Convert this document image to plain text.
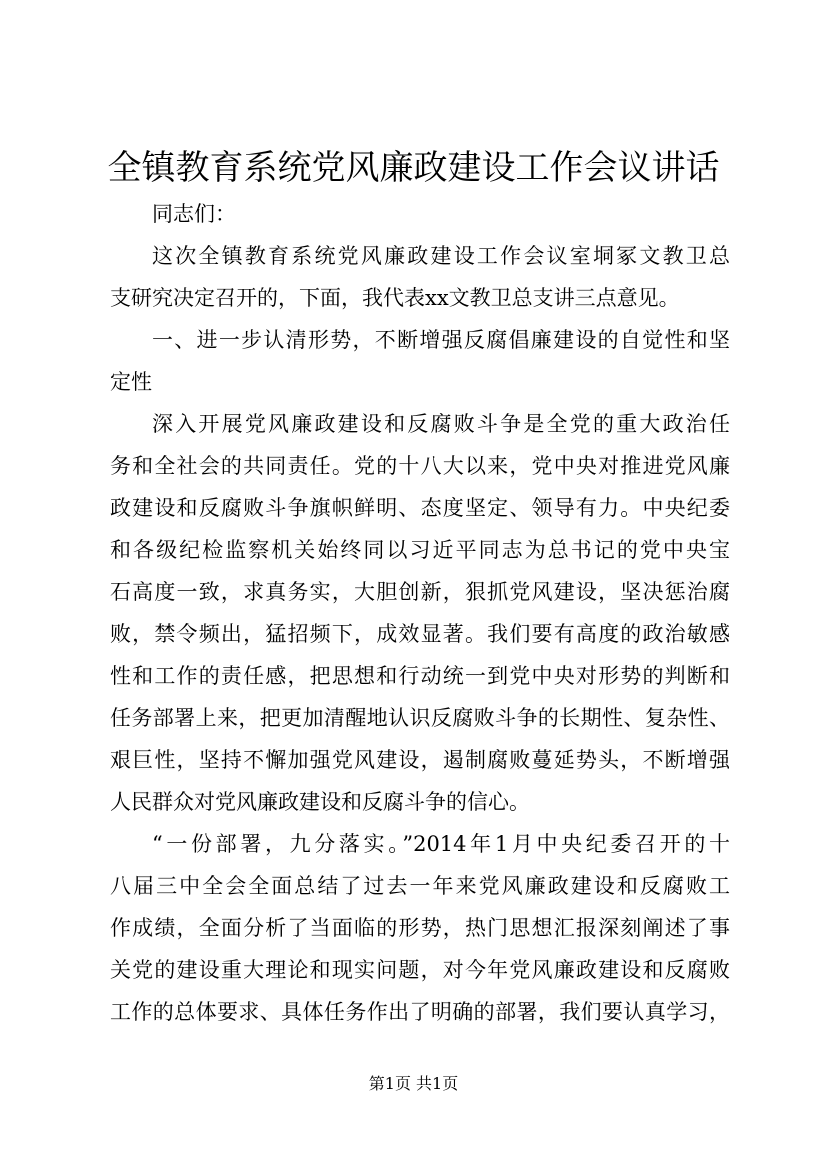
全镇教育系统党风廉政建设工作会议讲话

同志们：

这次全镇教育系统党风廉政建设工作会议室垌冢文教卫总

支研究决定召开的，下面，我代表xx文教卫总支讲三点意见。

一、进一步认清形势，不断增强反腐倡廉建设的自觉性和坚

定性

深入开展党风廉政建设和反腐败斗争是全党的重大政治任

务和全社会的共同责任。党的十八大以来，党中央对推进党风廉

政建设和反腐败斗争旗帜鲜明、态度坚定、领导有力。中央纪委

和各级纪检监察机关始终同以习近平同志为总书记的党中央宝

石高度一致，求真务实，大胆创新，狠抓党风建设，坚决惩治腐

败，禁令频出，猛招频下，成效显著。我们要有高度的政治敏感

性和工作的责任感，把思想和行动统一到党中央对形势的判断和

任务部署上来，把更加清醒地认识反腐败斗争的长期性、复杂性、

艰巨性，坚持不懈加强党风建设，遏制腐败蔓延势头，不断增强

人民群众对党风廉政建设和反腐斗争的信心。

“一份部署，九分落实。”2014年1月中央纪委召开的十

八届三中全会全面总结了过去一年来党风廉政建设和反腐败工

作成绩，全面分析了当面临的形势，热门思想汇报深刻阐述了事

关党的建设重大理论和现实问题，对今年党风廉政建设和反腐败

工作的总体要求、具体任务作出了明确的部署，我们要认真学习，

第1页 共1页
